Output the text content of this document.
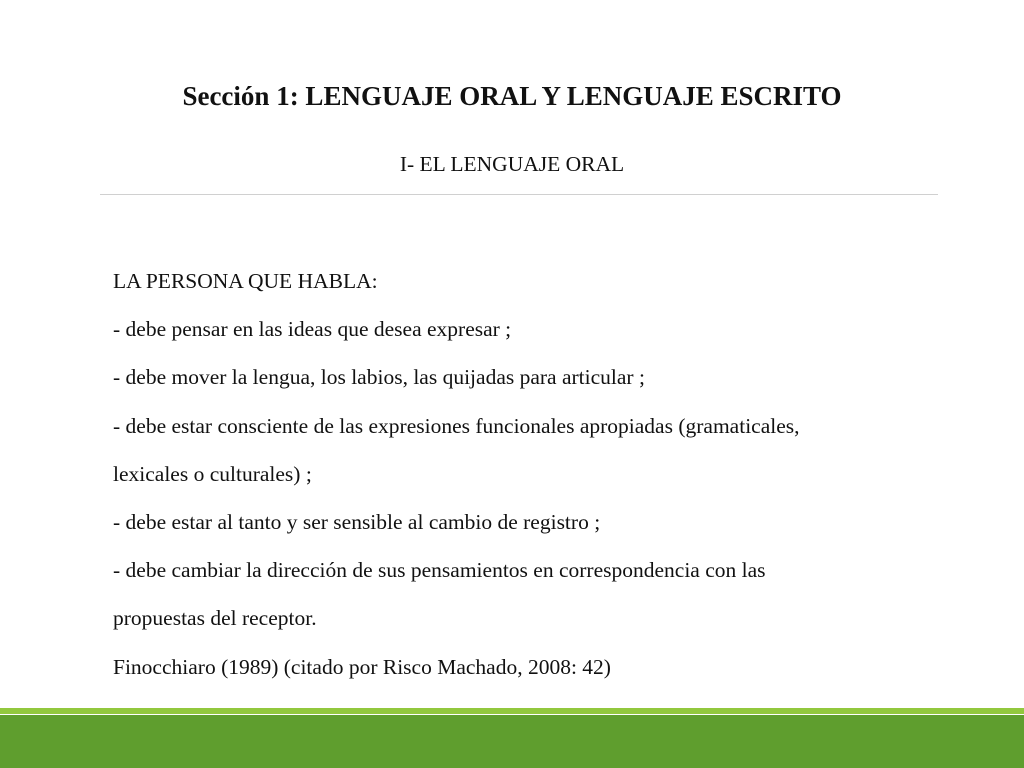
Sección 1: LENGUAJE ORAL Y LENGUAJE ESCRITO
I- EL LENGUAJE ORAL
LA PERSONA QUE HABLA:
- debe pensar en las ideas que desea expresar ;
- debe mover la lengua, los labios, las quijadas para articular ;
- debe estar consciente de las expresiones funcionales apropiadas (gramaticales,
lexicales o culturales) ;
- debe estar al tanto y ser sensible al cambio de registro ;
- debe cambiar la dirección de sus pensamientos en correspondencia con las
propuestas del receptor.
Finocchiaro (1989) (citado por Risco Machado, 2008: 42)
